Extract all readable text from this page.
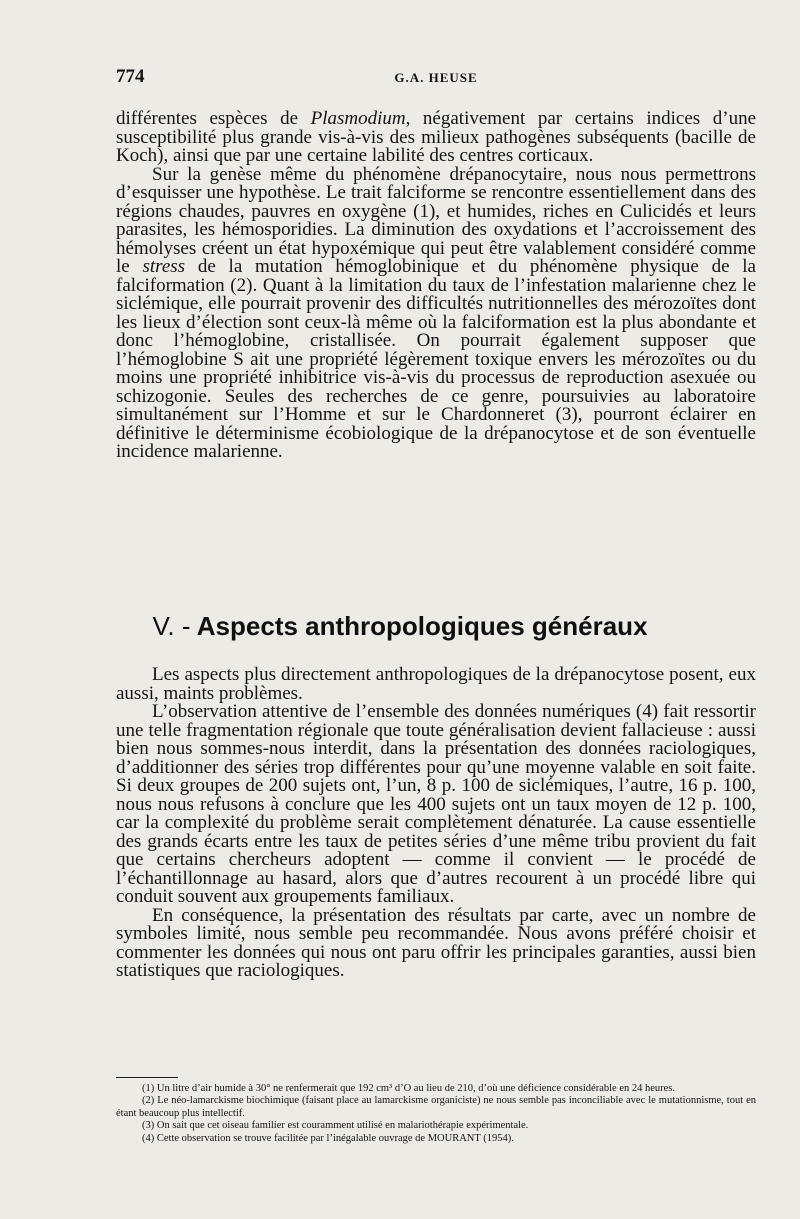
774	G.A. HEUSE

différentes espèces de Plasmodium, négativement par certains indices d’une susceptibilité plus grande vis-à-vis des milieux pathogènes subséquents (bacille de Koch), ainsi que par une certaine labilité des centres corticaux.

Sur la genèse même du phénomène drépanocytaire, nous nous permettrons d’esquisser une hypothèse. Le trait falciforme se rencontre essentiellement dans des régions chaudes, pauvres en oxygène (1), et humides, riches en Culicidés et leurs parasites, les hémosporidies. La diminution des oxydations et l’accroissement des hémolyses créent un état hypoxémique qui peut être valablement considéré comme le stress de la mutation hémoglobinique et du phénomène physique de la falciformation (2). Quant à la limitation du taux de l’infestation malarienne chez le siclémique, elle pourrait provenir des difficultés nutritionnelles des mérozoïtes dont les lieux d’élection sont ceux-là même où la falciformation est la plus abondante et donc l’hémoglobine, cristallisée. On pourrait également supposer que l’hémoglobine S ait une propriété légèrement toxique envers les mérozoïtes ou du moins une propriété inhibitrice vis-à-vis du processus de reproduction asexuée ou schizogonie. Seules des recherches de ce genre, poursuivies au laboratoire simultanément sur l’Homme et sur le Chardonneret (3), pourront éclairer en définitive le déterminisme écobiologique de la drépanocytose et de son éventuelle incidence malarienne.

V. - Aspects anthropologiques généraux

Les aspects plus directement anthropologiques de la drépanocytose posent, eux aussi, maints problèmes.

L’observation attentive de l’ensemble des données numériques (4) fait ressortir une telle fragmentation régionale que toute généralisation devient fallacieuse : aussi bien nous sommes-nous interdit, dans la présentation des données raciologiques, d’additionner des séries trop différentes pour qu’une moyenne valable en soit faite. Si deux groupes de 200 sujets ont, l’un, 8 p. 100 de siclémiques, l’autre, 16 p. 100, nous nous refusons à conclure que les 400 sujets ont un taux moyen de 12 p. 100, car la complexité du problème serait complètement dénaturée. La cause essentielle des grands écarts entre les taux de petites séries d’une même tribu provient du fait que certains chercheurs adoptent — comme il convient — le procédé de l’échantillonnage au hasard, alors que d’autres recourent à un procédé libre qui conduit souvent aux groupements familiaux.

En conséquence, la présentation des résultats par carte, avec un nombre de symboles limité, nous semble peu recommandée. Nous avons préféré choisir et commenter les données qui nous ont paru offrir les principales garanties, aussi bien statistiques que raciologiques.

(1) Un litre d’air humide à 30° ne renfermerait que 192 cm³ d’O au lieu de 210, d’où une déficience considérable en 24 heures.

(2) Le néo-lamarckisme biochimique (faisant place au lamarckisme organiciste) ne nous semble pas inconciliable avec le mutationnisme, tout en étant beaucoup plus intellectif.

(3) On sait que cet oiseau familier est couramment utilisé en malariothérapie expérimentale.

(4) Cette observation se trouve facilitée par l’inégalable ouvrage de MOURANT (1954).
